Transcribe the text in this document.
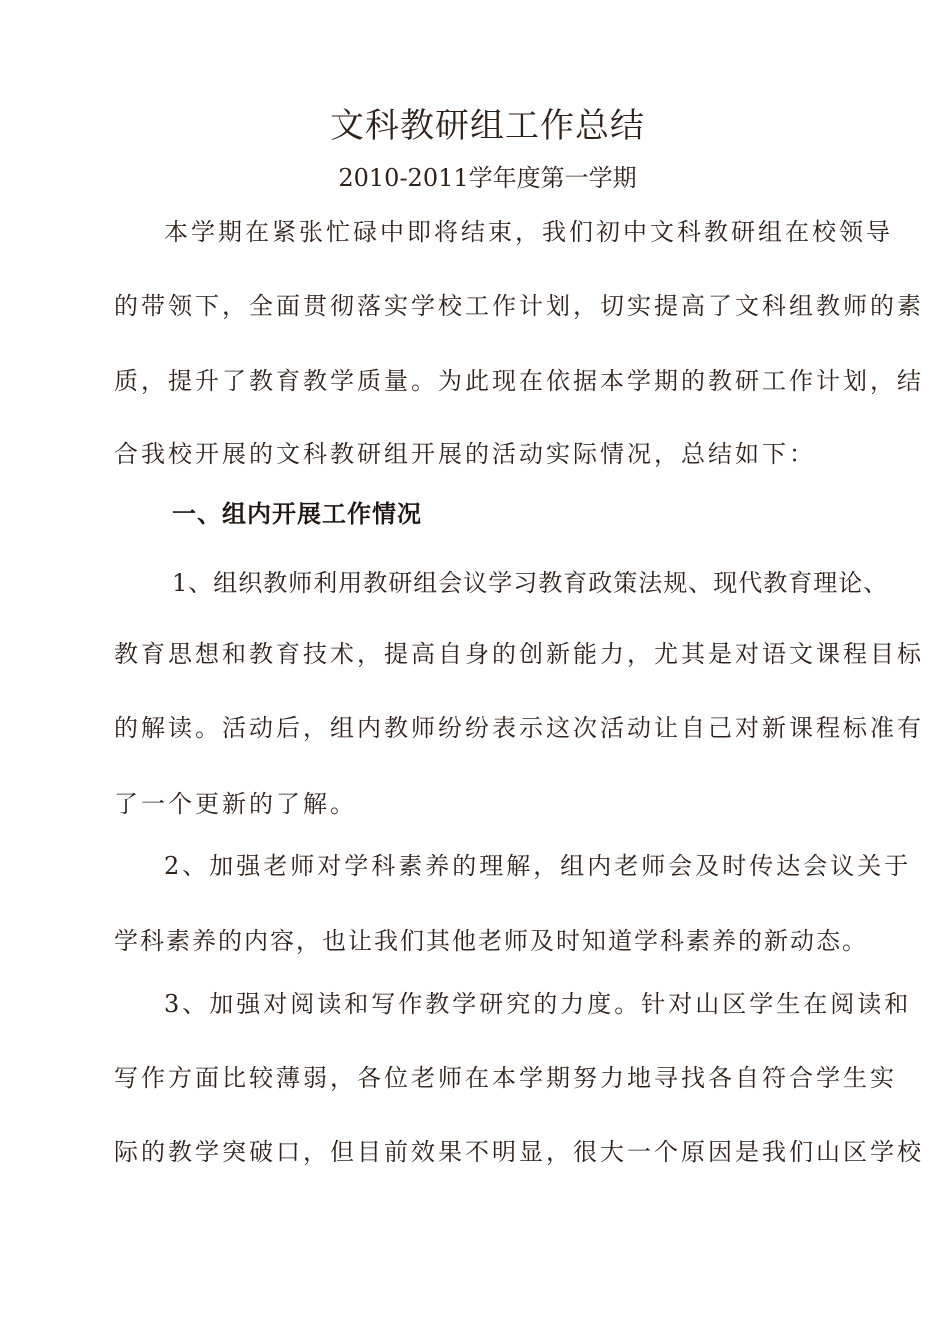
文科教研组工作总结
2010-2011学年度第一学期
本学期在紧张忙碌中即将结束，我们初中文科教研组在校领导
的带领下，全面贯彻落实学校工作计划，切实提高了文科组教师的素
质，提升了教育教学质量。为此现在依据本学期的教研工作计划，结
合我校开展的文科教研组开展的活动实际情况，总结如下：
一、组内开展工作情况
1、组织教师利用教研组会议学习教育政策法规、现代教育理论、
教育思想和教育技术，提高自身的创新能力，尤其是对语文课程目标
的解读。活动后，组内教师纷纷表示这次活动让自己对新课程标准有
了一个更新的了解。
2、加强老师对学科素养的理解，组内老师会及时传达会议关于
学科素养的内容，也让我们其他老师及时知道学科素养的新动态。
3、加强对阅读和写作教学研究的力度。针对山区学生在阅读和
写作方面比较薄弱，各位老师在本学期努力地寻找各自符合学生实
际的教学突破口，但目前效果不明显，很大一个原因是我们山区学校
